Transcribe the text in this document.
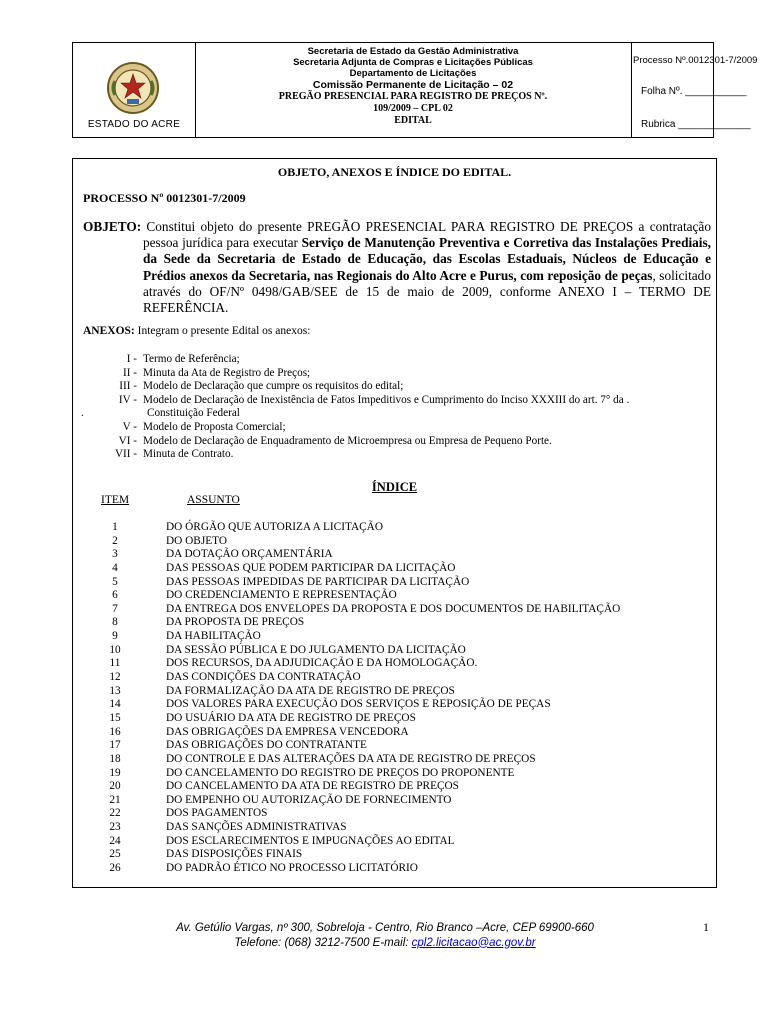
ESTADO DO ACRE
Secretaria de Estado da Gestão Administrativa
Secretaria Adjunta de Compras e Licitações Públicas
Departamento de Licitações
Comissão Permanente de Licitação – 02
PREGÃO PRESENCIAL PARA REGISTRO DE PREÇOS Nº.
109/2009 – CPL 02
EDITAL
Processo Nº.0012301-7/2009
Folha Nº. ___________
Rubrica _____________
OBJETO, ANEXOS E ÍNDICE DO EDITAL.
PROCESSO Nº 0012301-7/2009
OBJETO: Constitui objeto do presente PREGÃO PRESENCIAL PARA REGISTRO DE PREÇOS a contratação pessoa jurídica para executar Serviço de Manutenção Preventiva e Corretiva das Instalações Prediais, da Sede da Secretaria de Estado de Educação, das Escolas Estaduais, Núcleos de Educação e Prédios anexos da Secretaria, nas Regionais do Alto Acre e Purus, com reposição de peças, solicitado através do OF/Nº 0498/GAB/SEE de 15 de maio de 2009, conforme ANEXO I – TERMO DE REFERÊNCIA.
ANEXOS: Integram o presente Edital os anexos:
I - Termo de Referência;
II - Minuta da Ata de Registro de Preços;
III - Modelo de Declaração que cumpre os requisitos do edital;
IV - Modelo de Declaração de Inexistência de Fatos Impeditivos e Cumprimento do Inciso XXXIII do art. 7° da .
.	Constituição Federal
V - Modelo de Proposta Comercial;
VI - Modelo de Declaração de Enquadramento de Microempresa ou Empresa de Pequeno Porte.
VII - Minuta de Contrato.
ÍNDICE
ITEM	ASSUNTO
1	DO ÓRGÃO QUE AUTORIZA A LICITAÇÃO
2	DO OBJETO
3	DA DOTAÇÃO ORÇAMENTÁRIA
4	DAS PESSOAS QUE PODEM PARTICIPAR DA LICITAÇÃO
5	DAS PESSOAS IMPEDIDAS DE PARTICIPAR DA LICITAÇÃO
6	DO CREDENCIAMENTO E REPRESENTAÇÃO
7	DA ENTREGA DOS ENVELOPES DA PROPOSTA E DOS DOCUMENTOS DE HABILITAÇÃO
8	DA PROPOSTA DE PREÇOS
9	DA HABILITAÇÃO
10	DA SESSÃO PÚBLICA E DO JULGAMENTO DA LICITAÇÃO
11	DOS RECURSOS, DA ADJUDICAÇÃO E DA HOMOLOGAÇÃO.
12	DAS CONDIÇÕES DA CONTRATAÇÃO
13	DA FORMALIZAÇÃO DA ATA DE REGISTRO DE PREÇOS
14	DOS VALORES PARA EXECUÇÃO DOS SERVIÇOS E REPOSIÇÃO DE PEÇAS
15	DO USUÁRIO DA ATA DE REGISTRO DE PREÇOS
16	DAS OBRIGAÇÕES DA EMPRESA VENCEDORA
17	DAS OBRIGAÇÕES DO CONTRATANTE
18	DO CONTROLE E DAS ALTERAÇÕES DA ATA DE REGISTRO DE PREÇOS
19	DO CANCELAMENTO DO REGISTRO DE PREÇOS DO PROPONENTE
20	DO CANCELAMENTO DA ATA DE REGISTRO DE PREÇOS
21	DO EMPENHO OU AUTORIZAÇÃO DE FORNECIMENTO
22	DOS PAGAMENTOS
23	DAS SANÇÕES ADMINISTRATIVAS
24	DOS ESCLARECIMENTOS E IMPUGNAÇÕES AO EDITAL
25	DAS DISPOSIÇÕES FINAIS
26	DO PADRÃO ÉTICO NO PROCESSO LICITATÓRIO
Av. Getúlio Vargas, nº 300, Sobreloja - Centro, Rio Branco –Acre, CEP 69900-660
Telefone: (068) 3212-7500 E-mail: cpl2.licitacao@ac.gov.br
1
